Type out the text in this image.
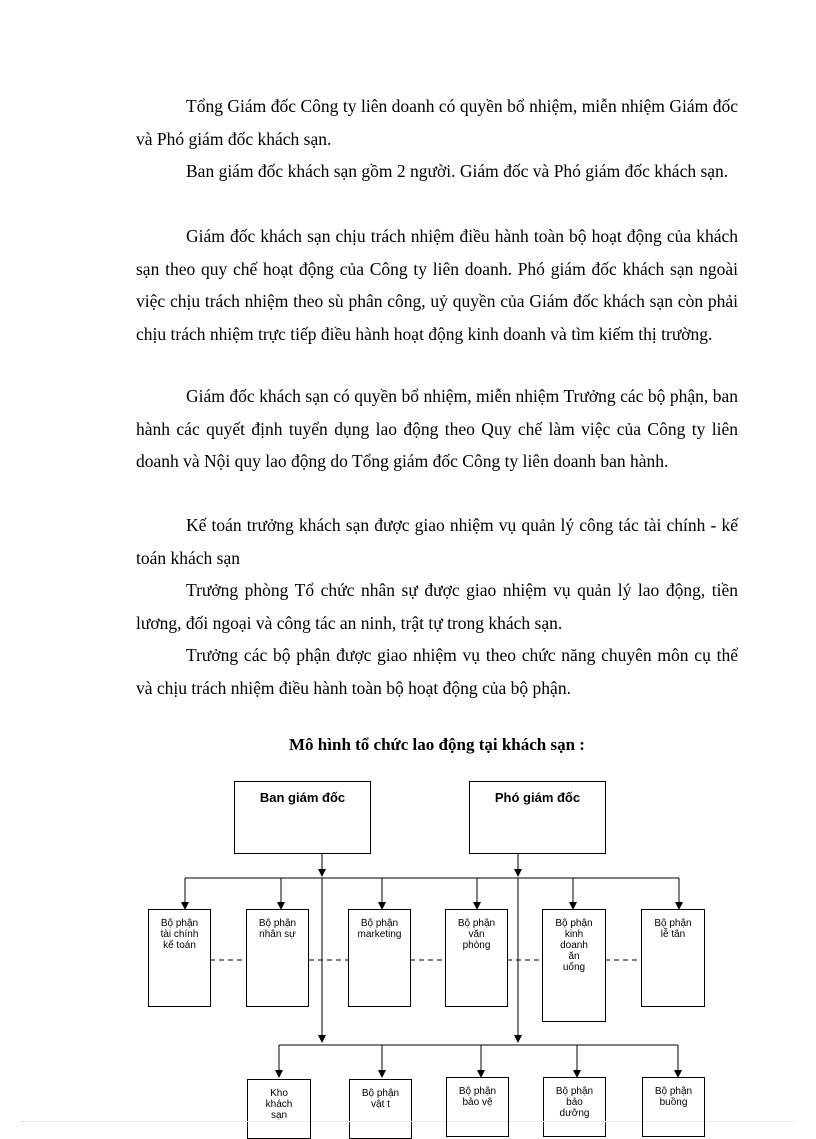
Tổng Giám đốc Công ty liên doanh có quyền bổ nhiệm, miễn nhiệm Giám đốc và Phó giám đốc khách sạn.

Ban giám đốc khách sạn gồm 2 người. Giám đốc và Phó giám đốc khách sạn.

Giám đốc khách sạn chịu trách nhiệm điều hành toàn bộ hoạt động của khách sạn theo quy chế hoạt động của Công ty liên doanh. Phó giám đốc khách sạn ngoài việc chịu trách nhiệm theo sù phân công, uỷ quyền của Giám đốc khách sạn còn phải chịu trách nhiệm trực tiếp điều hành hoạt động kinh doanh và tìm kiếm thị trường.

Giám đốc khách sạn có quyền bổ nhiệm, miễn nhiệm Trưởng các bộ phận, ban hành các quyết định tuyển dụng lao động theo Quy chế làm việc của Công ty liên doanh và Nội quy lao động do Tổng giám đốc Công ty liên doanh ban hành.

Kế toán trưởng khách sạn được giao nhiệm vụ quản lý công tác tài chính - kế toán khách sạn

Trưởng phòng Tổ chức nhân sự được giao nhiệm vụ quản lý lao động, tiền lương, đối ngoại và công tác an ninh, trật tự trong khách sạn.

Trưởng các bộ phận được giao nhiệm vụ theo chức năng chuyên môn cụ thể và chịu trách nhiệm điều hành toàn bộ hoạt động của bộ phận.

Mô hình tổ chức lao động tại khách sạn :

Ban giám đốc	Phó giám đốc
Bộ phận
tài chính
kế toán
Bộ phận
nhân sự
Bộ phận
marketing
Bộ phận
văn
phòng
Bộ phận
kinh
doanh
ăn
uống
Bộ phận
lễ tân
Kho
khách
sạn
Bộ phận
vật t
Bộ phận
bảo vệ
Bộ phận
bảo
dưỡng
Bộ phận
buồng
